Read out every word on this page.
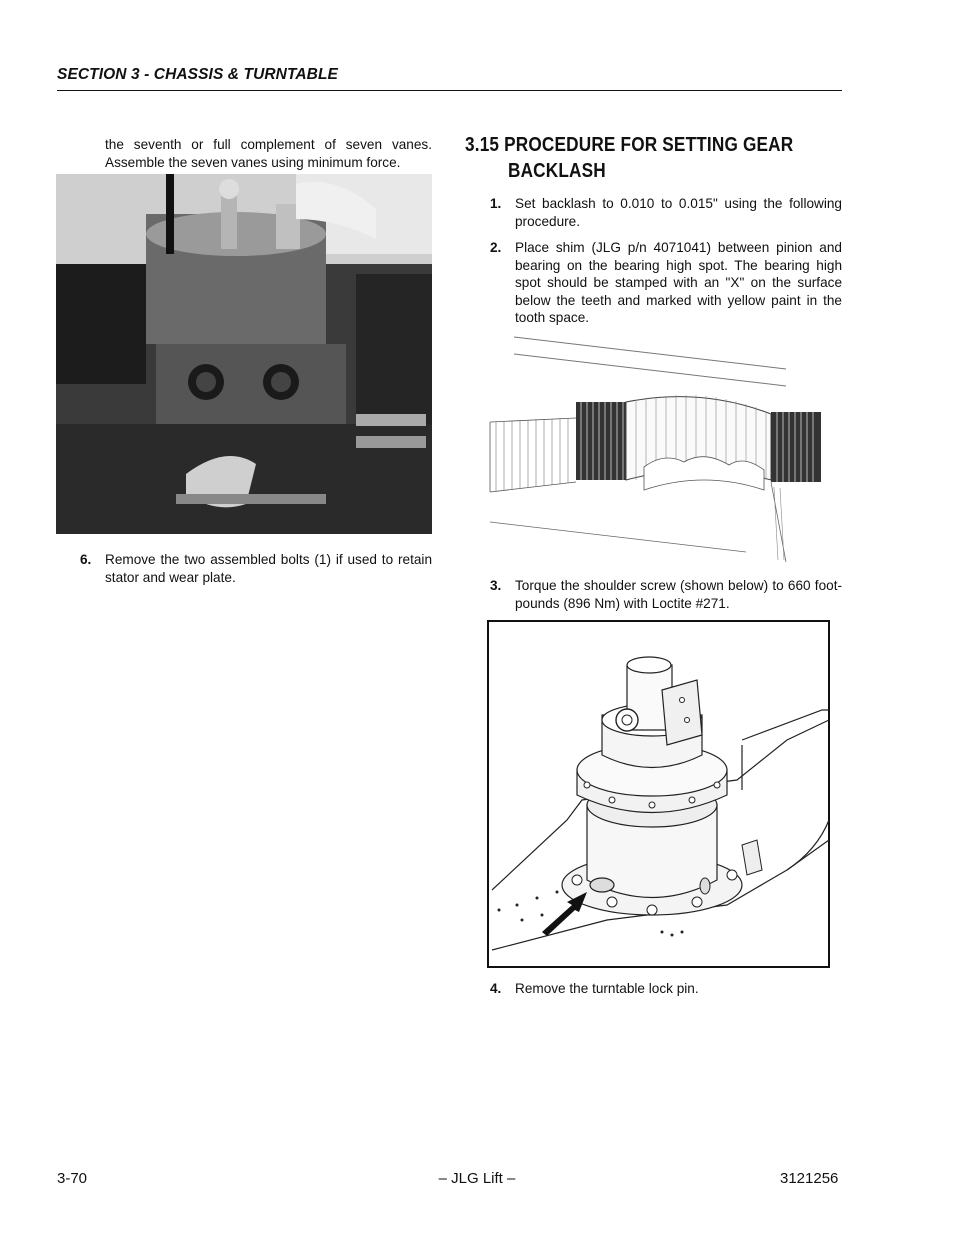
SECTION 3 - CHASSIS & TURNTABLE
the seventh or full complement of seven vanes. Assemble the seven vanes using minimum force.
6. Remove the two assembled bolts (1) if used to retain stator and wear plate.
3.15 PROCEDURE FOR SETTING GEAR
BACKLASH
1. Set backlash to 0.010 to 0.015" using the following procedure.
2. Place shim (JLG p/n 4071041) between pinion and bearing on the bearing high spot. The bearing high spot should be stamped with an "X" on the surface below the teeth and marked with yellow paint in the tooth space.
3. Torque the shoulder screw (shown below) to 660 foot-pounds (896 Nm) with Loctite #271.
4. Remove the turntable lock pin.
3-70	– JLG Lift –	3121256
